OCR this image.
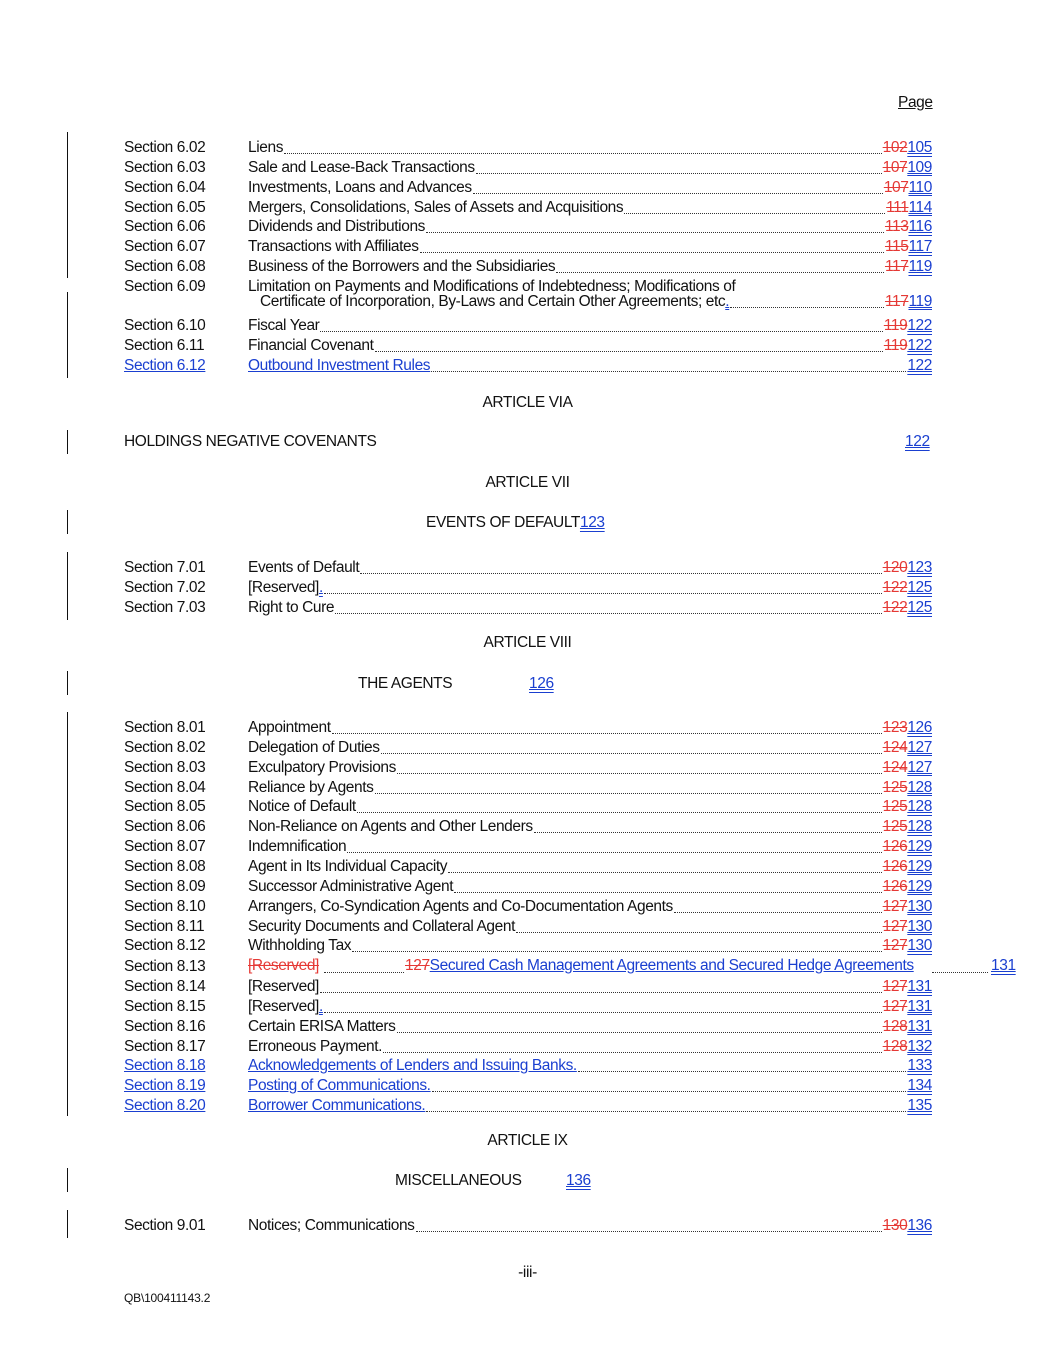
Page
Section 6.02	Liens	102 105
Section 6.03	Sale and Lease-Back Transactions	107 109
Section 6.04	Investments, Loans and Advances	107 110
Section 6.05	Mergers, Consolidations, Sales of Assets and Acquisitions	111 114
Section 6.06	Dividends and Distributions	113 116
Section 6.07	Transactions with Affiliates	115 117
Section 6.08	Business of the Borrowers and the Subsidiaries	117 119
Section 6.09	Limitation on Payments and Modifications of Indebtedness; Modifications of
Certificate of Incorporation, By-Laws and Certain Other Agreements; etc .	117 119
Section 6.10	Fiscal Year	119 122
Section 6.11	Financial Covenant	119 122
Section 6.12	Outbound Investment Rules	122
ARTICLE VIA
HOLDINGS NEGATIVE COVENANTS	122
ARTICLE VII
EVENTS OF DEFAULT123
Section 7.01	Events of Default	120 123
Section 7.02	[Reserved] .	122 125
Section 7.03	Right to Cure	122 125
ARTICLE VIII
THE AGENTS	126
Section 8.01	Appointment	123 126
Section 8.02	Delegation of Duties	124 127
Section 8.03	Exculpatory Provisions	124 127
Section 8.04	Reliance by Agents	125 128
Section 8.05	Notice of Default	125 128
Section 8.06	Non-Reliance on Agents and Other Lenders	125 128
Section 8.07	Indemnification	126 129
Section 8.08	Agent in Its Individual Capacity	126 129
Section 8.09	Successor Administrative Agent	126 129
Section 8.10	Arrangers, Co-Syndication Agents and Co-Documentation Agents	127 130
Section 8.11	Security Documents and Collateral Agent	127 130
Section 8.12	Withholding Tax	127 130
Section 8.13	[Reserved]	127Secured Cash Management Agreements and Secured Hedge Agreements	131
Section 8.14	[Reserved]	127 131
Section 8.15	[Reserved] .	127 131
Section 8.16	Certain ERISA Matters	128 131
Section 8.17	Erroneous Payment.	128 132
Section 8.18	Acknowledgements of Lenders and Issuing Banks.	133
Section 8.19	Posting of Communications.	134
Section 8.20	Borrower Communications.	135
ARTICLE IX
MISCELLANEOUS	136
Section 9.01	Notices; Communications	130 136
-iii-
QB\100411143.2
